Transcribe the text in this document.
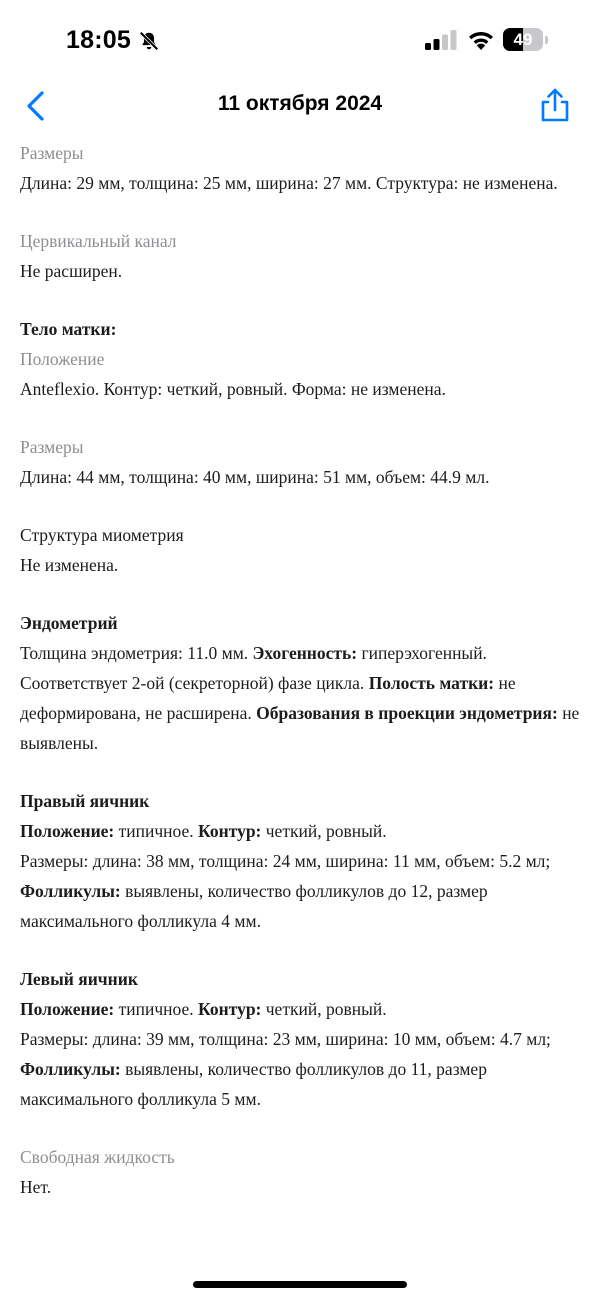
18:05	49
11 октября 2024
Размеры
Длина: 29 мм, толщина: 25 мм, ширина: 27 мм. Структура: не изменена.
Цервикальный канал
Не расширен.
Тело матки:
Положение
Anteflexio. Контур: четкий, ровный. Форма: не изменена.
Размеры
Длина: 44 мм, толщина: 40 мм, ширина: 51 мм, объем: 44.9 мл.
Структура миометрия
Не изменена.
Эндометрий
Толщина эндометрия: 11.0 мм. Эхогенность: гиперэхогенный. Соответствует 2-ой (секреторной) фазе цикла. Полость матки: не деформирована, не расширена. Образования в проекции эндометрия: не выявлены.
Правый яичник
Положение: типичное. Контур: четкий, ровный.
Размеры: длина: 38 мм, толщина: 24 мм, ширина: 11 мм, объем: 5.2 мл; Фолликулы: выявлены, количество фолликулов до 12, размер максимального фолликула 4 мм.
Левый яичник
Положение: типичное. Контур: четкий, ровный.
Размеры: длина: 39 мм, толщина: 23 мм, ширина: 10 мм, объем: 4.7 мл; Фолликулы: выявлены, количество фолликулов до 11, размер максимального фолликула 5 мм.
Свободная жидкость
Нет.
